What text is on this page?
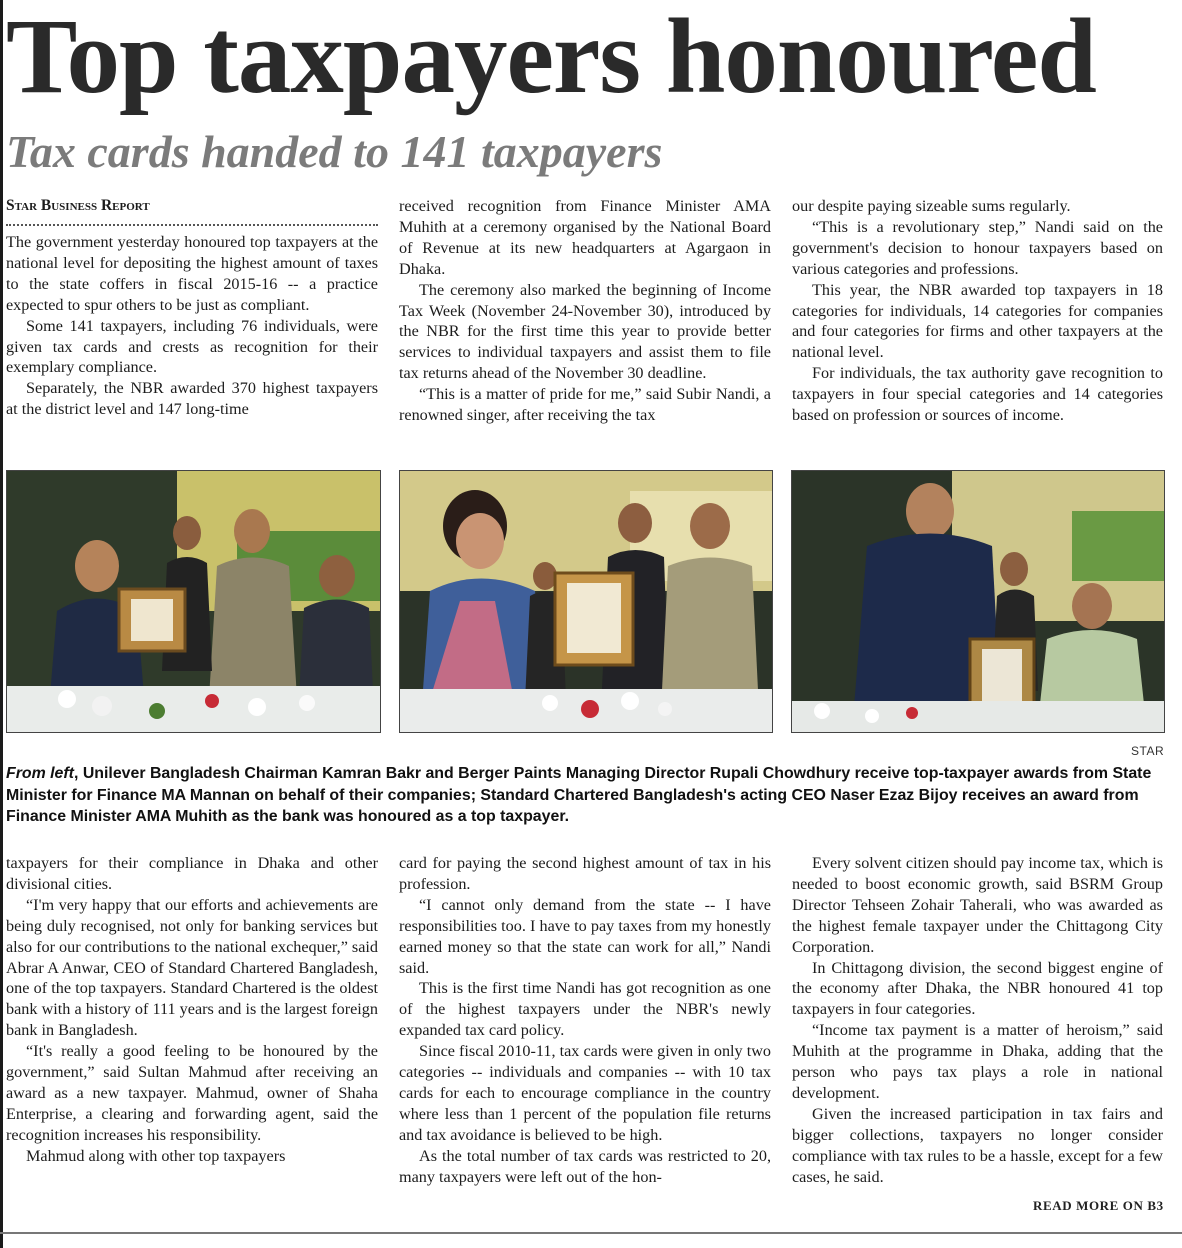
Top taxpayers honoured
Tax cards handed to 141 taxpayers
Star Business Report

The government yesterday honoured top taxpayers at the national level for depositing the highest amount of taxes to the state coffers in fiscal 2015-16 -- a practice expected to spur others to be just as compliant.

Some 141 taxpayers, including 76 individuals, were given tax cards and crests as recognition for their exemplary compliance.

Separately, the NBR awarded 370 highest taxpayers at the district level and 147 long-time

received recognition from Finance Minister AMA Muhith at a ceremony organised by the National Board of Revenue at its new headquarters at Agargaon in Dhaka.

The ceremony also marked the beginning of Income Tax Week (November 24-November 30), introduced by the NBR for the first time this year to provide better services to individual taxpayers and assist them to file tax returns ahead of the November 30 deadline.

“This is a matter of pride for me,” said Subir Nandi, a renowned singer, after receiving the tax

our despite paying sizeable sums regularly.

“This is a revolutionary step,” Nandi said on the government's decision to honour taxpayers based on various categories and professions.

This year, the NBR awarded top taxpayers in 18 categories for individuals, 14 categories for companies and four categories for firms and other taxpayers at the national level.

For individuals, the tax authority gave recognition to taxpayers in four special categories and 14 categories based on profession or sources of income.

STAR

From left, Unilever Bangladesh Chairman Kamran Bakr and Berger Paints Managing Director Rupali Chowdhury receive top-taxpayer awards from State Minister for Finance MA Mannan on behalf of their companies; Standard Chartered Bangladesh's acting CEO Naser Ezaz Bijoy receives an award from Finance Minister AMA Muhith as the bank was honoured as a top taxpayer.

taxpayers for their compliance in Dhaka and other divisional cities.

“I'm very happy that our efforts and achievements are being duly recognised, not only for banking services but also for our contributions to the national exchequer,” said Abrar A Anwar, CEO of Standard Chartered Bangladesh, one of the top taxpayers. Standard Chartered is the oldest bank with a history of 111 years and is the largest foreign bank in Bangladesh.

“It's really a good feeling to be honoured by the government,” said Sultan Mahmud after receiving an award as a new taxpayer. Mahmud, owner of Shaha Enterprise, a clearing and forwarding agent, said the recognition increases his responsibility.

Mahmud along with other top taxpayers

card for paying the second highest amount of tax in his profession.

“I cannot only demand from the state -- I have responsibilities too. I have to pay taxes from my honestly earned money so that the state can work for all,” Nandi said.

This is the first time Nandi has got recognition as one of the highest taxpayers under the NBR's newly expanded tax card policy.

Since fiscal 2010-11, tax cards were given in only two categories -- individuals and companies -- with 10 tax cards for each to encourage compliance in the country where less than 1 percent of the population file returns and tax avoidance is believed to be high.

As the total number of tax cards was restricted to 20, many taxpayers were left out of the hon-

Every solvent citizen should pay income tax, which is needed to boost economic growth, said BSRM Group Director Tehseen Zohair Taherali, who was awarded as the highest female taxpayer under the Chittagong City Corporation.

In Chittagong division, the second biggest engine of the economy after Dhaka, the NBR honoured 41 top taxpayers in four categories.

“Income tax payment is a matter of heroism,” said Muhith at the programme in Dhaka, adding that the person who pays tax plays a role in national development.

Given the increased participation in tax fairs and bigger collections, taxpayers no longer consider compliance with tax rules to be a hassle, except for a few cases, he said.

READ MORE ON B3
